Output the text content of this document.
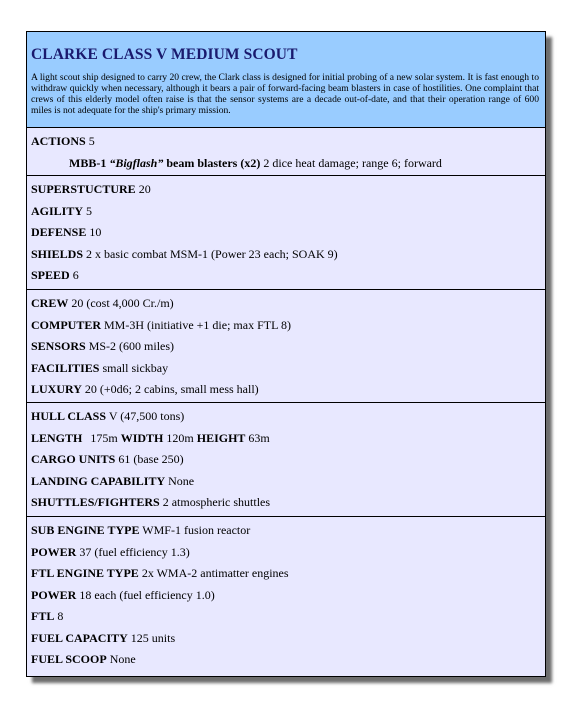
CLARKE CLASS V MEDIUM SCOUT

A light scout ship designed to carry 20 crew, the Clark class is designed for initial probing of a new solar system. It is fast enough to withdraw quickly when necessary, although it bears a pair of forward-facing beam blasters in case of hostilities. One complaint that crews of this elderly model often raise is that the sensor systems are a decade out-of-date, and that their operation range of 600 miles is not adequate for the ship's primary mission.

ACTIONS 5
MBB-1 “Bigflash” beam blasters (x2) 2 dice heat damage; range 6; forward
SUPERSTUCTURE 20
AGILITY 5
DEFENSE 10
SHIELDS 2 x basic combat MSM-1 (Power 23 each; SOAK 9)
SPEED 6
CREW 20 (cost 4,000 Cr./m)
COMPUTER MM-3H (initiative +1 die; max FTL 8)
SENSORS MS-2 (600 miles)
FACILITIES small sickbay
LUXURY 20 (+0d6; 2 cabins, small mess hall)
HULL CLASS V (47,500 tons)
LENGTH 175m WIDTH 120m HEIGHT 63m
CARGO UNITS 61 (base 250)
LANDING CAPABILITY None
SHUTTLES/FIGHTERS 2 atmospheric shuttles
SUB ENGINE TYPE WMF-1 fusion reactor
POWER 37 (fuel efficiency 1.3)
FTL ENGINE TYPE 2x WMA-2 antimatter engines
POWER 18 each (fuel efficiency 1.0)
FTL 8
FUEL CAPACITY 125 units
FUEL SCOOP None
